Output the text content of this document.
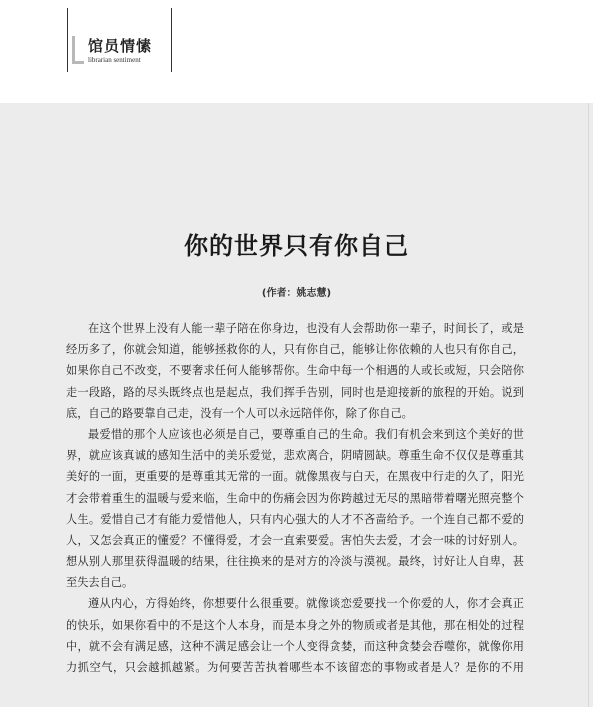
馆员情愫
librarian sentiment
你的世界只有你自己
(作者：姚志慧)
在这个世界上没有人能一辈子陪在你身边，也没有人会帮助你一辈子，时间长了，或是
经历多了，你就会知道，能够拯救你的人，只有你自己，能够让你依赖的人也只有你自己，
如果你自己不改变，不要奢求任何人能够帮你。生命中每一个相遇的人或长或短，只会陪你
走一段路，路的尽头既终点也是起点，我们挥手告别，同时也是迎接新的旅程的开始。说到
底，自己的路要靠自己走，没有一个人可以永远陪伴你，除了你自己。
最爱惜的那个人应该也必须是自己，要尊重自己的生命。我们有机会来到这个美好的世
界，就应该真诚的感知生活中的美乐爱觉，悲欢离合，阴晴圆缺。尊重生命不仅仅是尊重其
美好的一面，更重要的是尊重其无常的一面。就像黑夜与白天，在黑夜中行走的久了，阳光
才会带着重生的温暖与爱来临，生命中的伤痛会因为你跨越过无尽的黑暗带着曙光照亮整个
人生。爱惜自己才有能力爱惜他人，只有内心强大的人才不吝啬给予。一个连自己都不爱的
人，又怎会真正的懂爱？不懂得爱，才会一直索要爱。害怕失去爱，才会一味的讨好别人。
想从别人那里获得温暖的结果，往往换来的是对方的冷淡与漠视。最终，讨好让人自卑，甚
至失去自己。
遵从内心，方得始终，你想要什么很重要。就像谈恋爱要找一个你爱的人，你才会真正
的快乐，如果你看中的不是这个人本身，而是本身之外的物质或者是其他，那在相处的过程
中，就不会有满足感，这种不满足感会让一个人变得贪婪，而这种贪婪会吞噬你，就像你用
力抓空气，只会越抓越紧。为何要苦苦执着哪些本不该留恋的事物或者是人？是你的不用
